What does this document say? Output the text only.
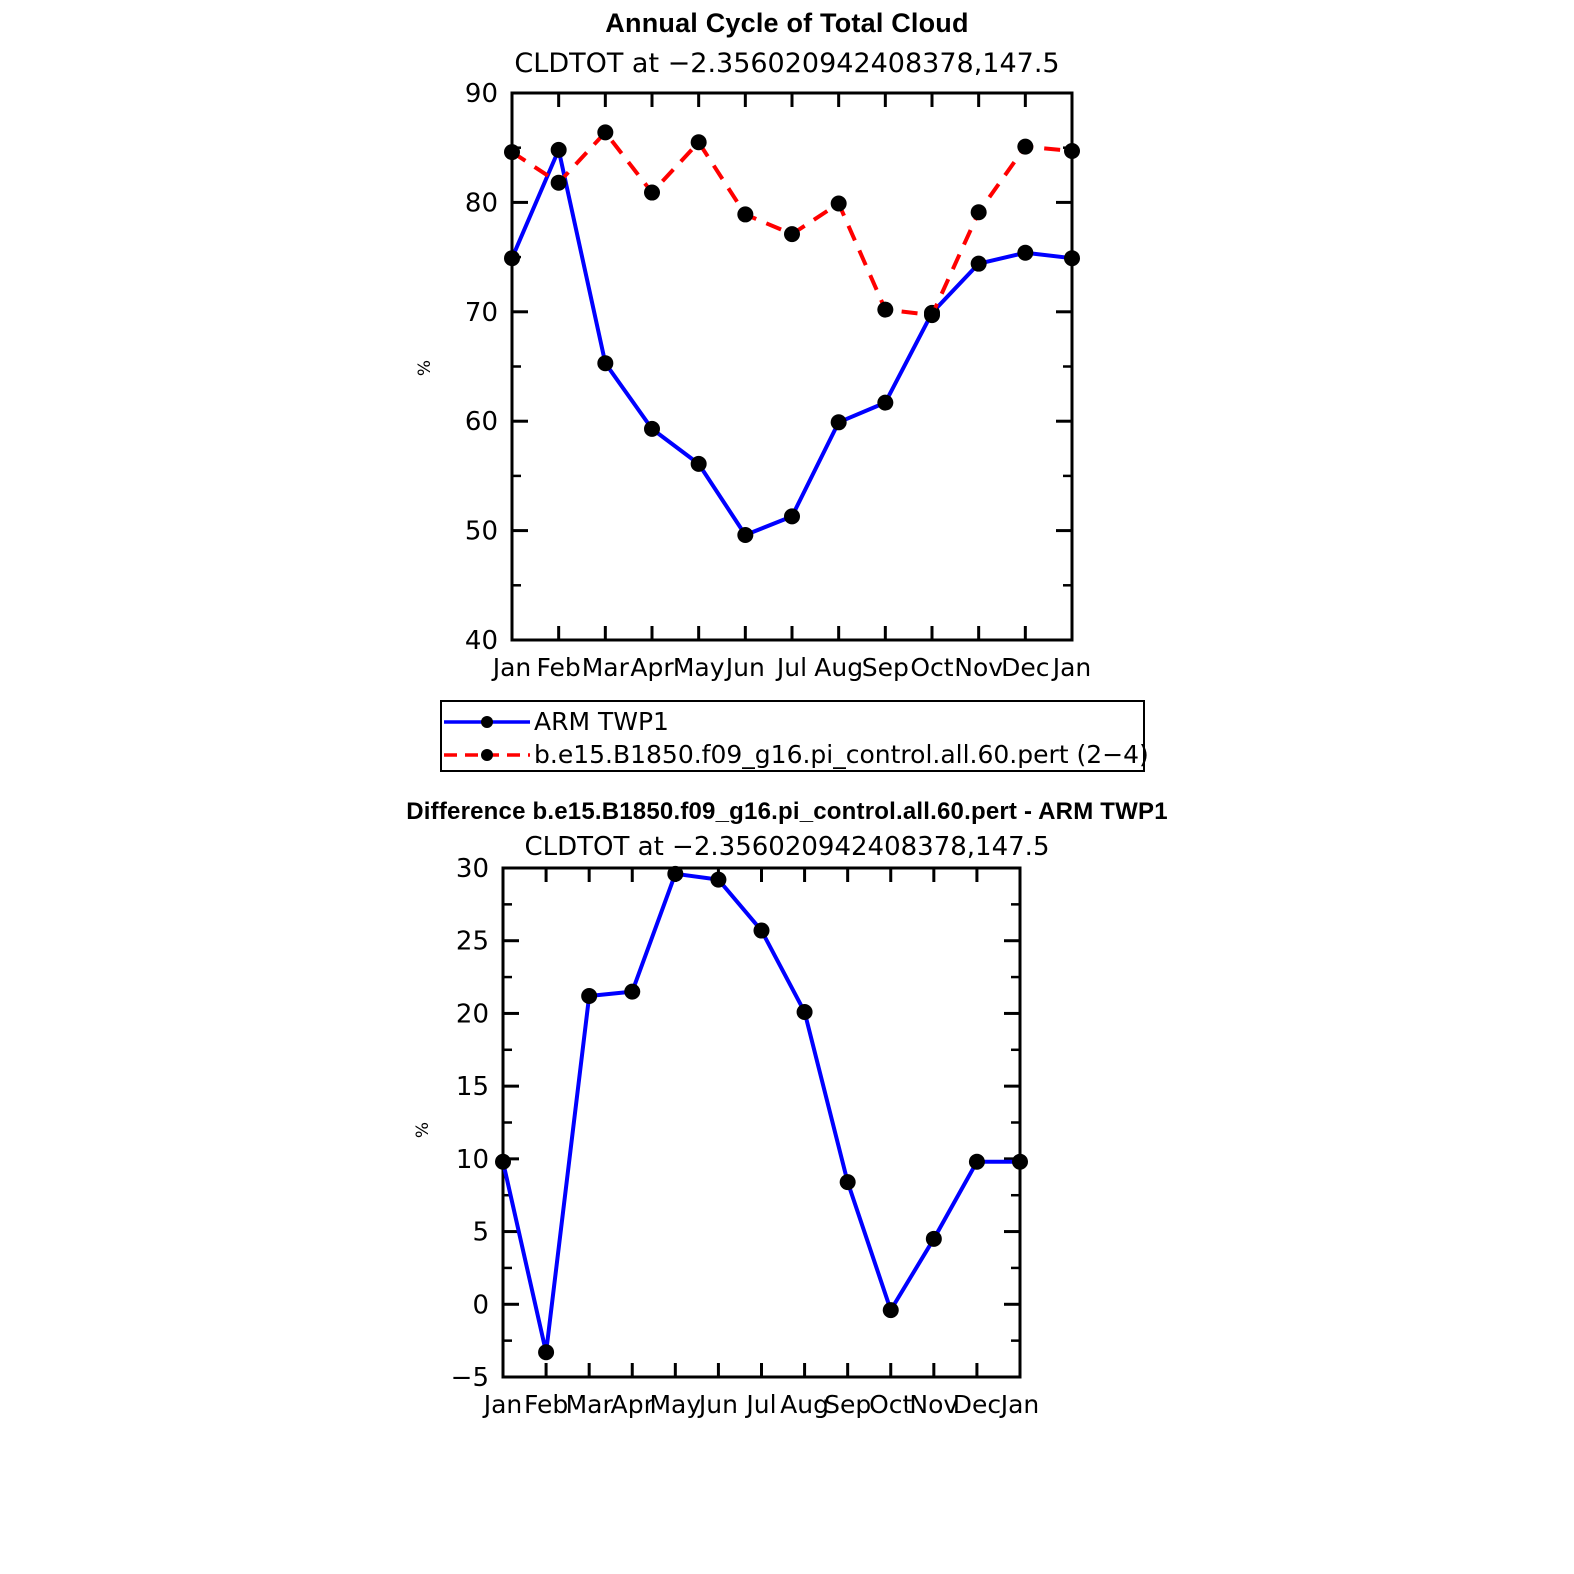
Annual Cycle of Total Cloud
CLDTOT at −2.356020942408378,147.5
%
40
50
60
70
80
90
Jan Feb Mar Apr May Jun Jul Aug
Sep Oct Nov
Dec Jan
ARM TWP1
b.e15.B1850.f09_g16.pi_control.all.60.pert (2−4)
Difference b.e15.B1850.f09_g16.pi_control.all.60.pert - ARM TWP1
CLDTOT at −2.356020942408378,147.5
%
−5
0
5
10
15
20
25
30
Jan Feb
Mar
Apr
May
Jun Jul Aug
Sep
Oct
Nov
Dec Jan
